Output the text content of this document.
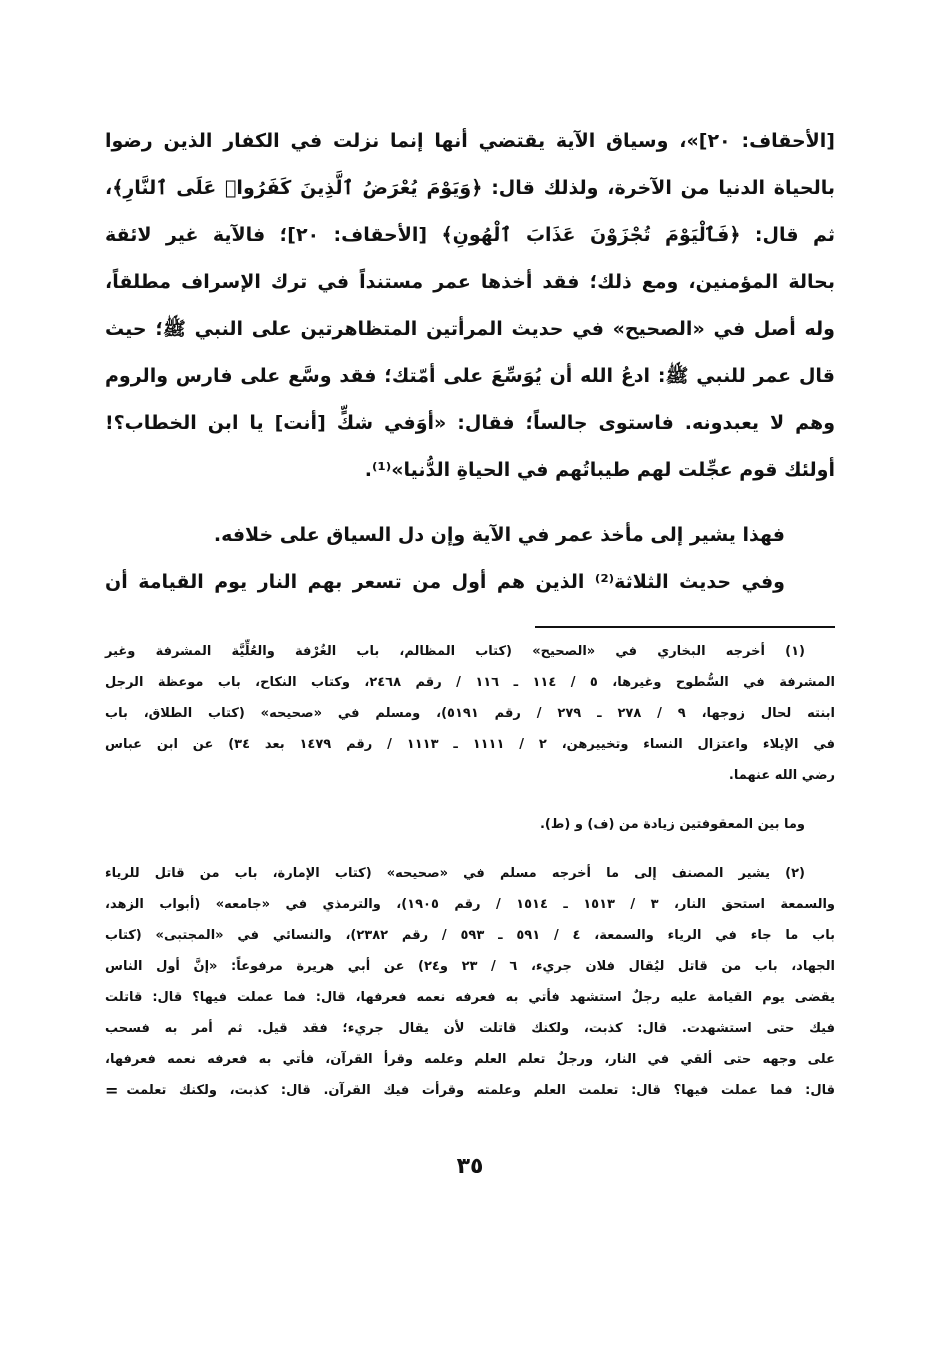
[الأحقاف: ٢٠]»، وسياق الآية يقتضي أنها إنما نزلت في الكفار الذين رضوا
بالحياة الدنيا من الآخرة، ولذلك قال: ﴿وَيَوْمَ يُعْرَضُ ٱلَّذِينَ كَفَرُوا۟ عَلَى ٱلنَّارِ﴾،
ثم قال: ﴿فَٱلْيَوْمَ تُجْزَوْنَ عَذَابَ ٱلْهُونِ﴾ [الأحقاف: ٢٠]؛ فالآية غير لائقة
بحالة المؤمنين، ومع ذلك؛ فقد أخذها عمر مستنداً في ترك الإسراف مطلقاً،
وله أصل في «الصحيح» في حديث المرأتين المتظاهرتين على النبي ﷺ؛ حيث
قال عمر للنبي ﷺ: ادعُ الله أن يُوَسِّعَ على أمّتك؛ فقد وسَّع على فارس والروم
وهم لا يعبدونه. فاستوى جالساً؛ فقال: «أوَفي شكٍّ [أنت] يا ابن الخطاب؟!
أولئك قوم عجِّلت لهم طيباتُهم في الحياةِ الدُّنيا»⁽¹⁾.
فهذا يشير إلى مأخذ عمر في الآية وإن دل السياق على خلافه.
وفي حديث الثلاثة⁽²⁾ الذين هم أول من تسعر بهم النار يوم القيامة أن
(١) أخرجه البخاري في «الصحيح» (كتاب المظالم، باب الغُرْفة والعُلِّيَّة المشرفة وغير
المشرفة في السُّطوح وغيرها، ٥ / ١١٤ ـ ١١٦ / رقم ٢٤٦٨، وكتاب النكاح، باب موعظة الرجل
ابنته لحال زوجها، ٩ / ٢٧٨ ـ ٢٧٩ / رقم ٥١٩١)، ومسلم في «صحيحه» (كتاب الطلاق، باب
في الإيلاء واعتزال النساء وتخييرهن، ٢ / ١١١١ ـ ١١١٣ / رقم ١٤٧٩ بعد ٣٤) عن ابن عباس
رضي الله عنهما.
وما بين المعقوفتين زيادة من (ف) و (ط).
(٢) يشير المصنف إلى ما أخرجه مسلم في «صحيحه» (كتاب الإمارة، باب من قاتل للرياء
والسمعة استحق النار، ٣ / ١٥١٣ ـ ١٥١٤ / رقم ١٩٠٥)، والترمذي في «جامعه» (أبواب الزهد،
باب ما جاء في الرياء والسمعة، ٤ / ٥٩١ ـ ٥٩٣ / رقم ٢٣٨٢)، والنسائي في «المجتبى» (كتاب
الجهاد، باب من قاتل ليُقال فلان جريء، ٦ / ٢٣ و٢٤) عن أبي هريرة مرفوعاً: «إنَّ أول الناس
يقضى يوم القيامة عليه رجلٌ استشهد فأتي به فعرفه نعمه فعرفها، قال: فما عملت فيها؟ قال: قاتلت
فيك حتى استشهدت. قال: كذبت، ولكنك قاتلت لأن يقال جريء؛ فقد قيل. ثم أمر به فسحب
على وجهه حتى ألقي في النار، ورجلٌ تعلم العلم وعلمه وقرأ القرآن، فأتي به فعرفه نعمه فعرفها،
قال: فما عملت فيها؟ قال: تعلمت العلم وعلمته وقرأت فيك القرآن. قال: كذبت، ولكنك تعلمت
=
٣٥
